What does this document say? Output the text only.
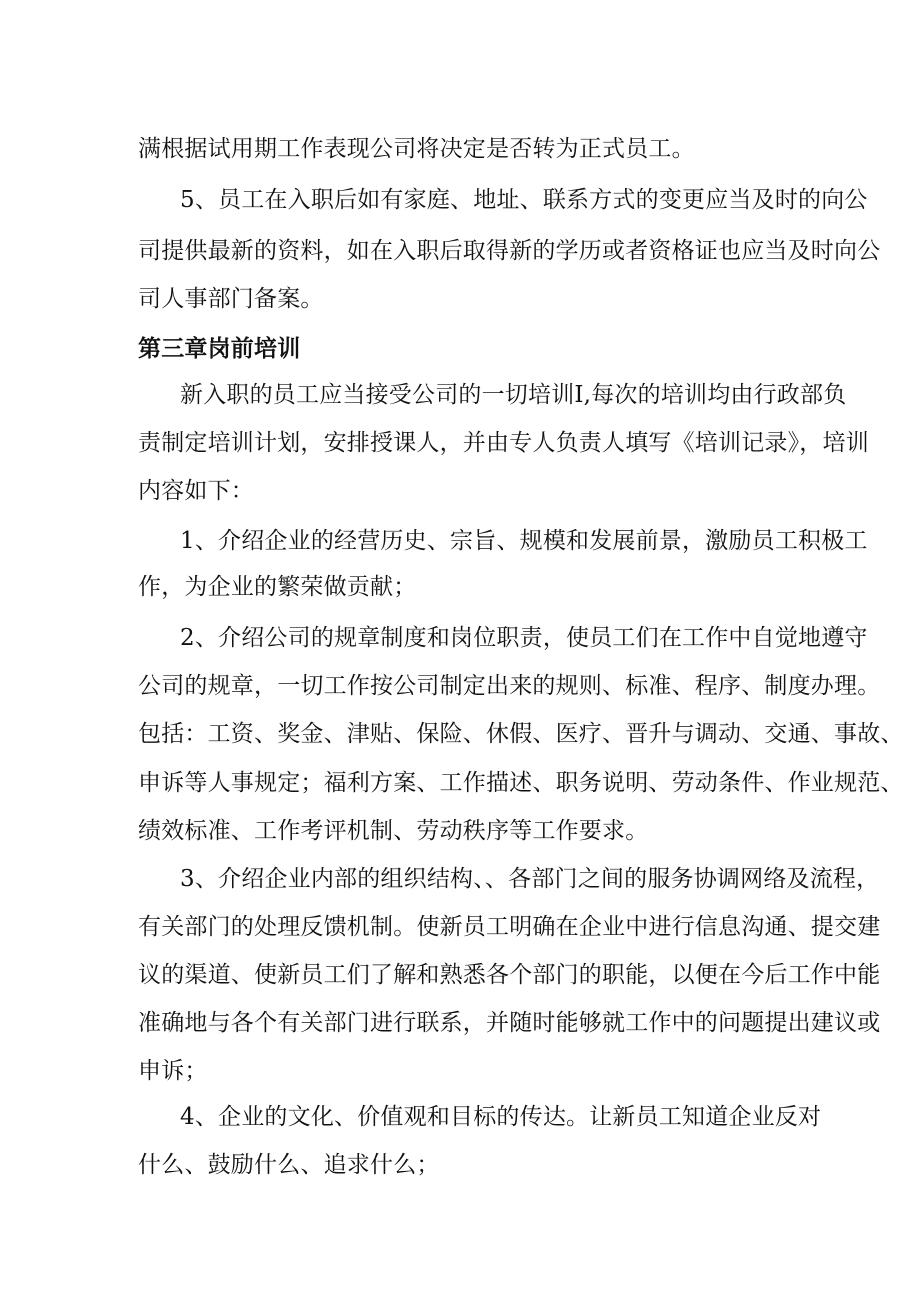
满根据试用期工作表现公司将决定是否转为正式员工。
5、员工在入职后如有家庭、地址、联系方式的变更应当及时的向公
司提供最新的资料，如在入职后取得新的学历或者资格证也应当及时向公
司人事部门备案。
第三章岗前培训
新入职的员工应当接受公司的一切培训I,每次的培训均由行政部负
责制定培训计划，安排授课人，并由专人负责人填写《培训记录》，培训
内容如下：
1、介绍企业的经营历史、宗旨、规模和发展前景，激励员工积极工
作，为企业的繁荣做贡献；
2、介绍公司的规章制度和岗位职责，使员工们在工作中自觉地遵守
公司的规章，一切工作按公司制定出来的规则、标准、程序、制度办理。
包括：工资、奖金、津贴、保险、休假、医疗、晋升与调动、交通、事故、
申诉等人事规定；福利方案、工作描述、职务说明、劳动条件、作业规范、
绩效标准、工作考评机制、劳动秩序等工作要求。
3、介绍企业内部的组织结构、、各部门之间的服务协调网络及流程，
有关部门的处理反馈机制。使新员工明确在企业中进行信息沟通、提交建
议的渠道、使新员工们了解和熟悉各个部门的职能，以便在今后工作中能
准确地与各个有关部门进行联系，并随时能够就工作中的问题提出建议或
申诉；
4、企业的文化、价值观和目标的传达。让新员工知道企业反对
什么、鼓励什么、追求什么；
